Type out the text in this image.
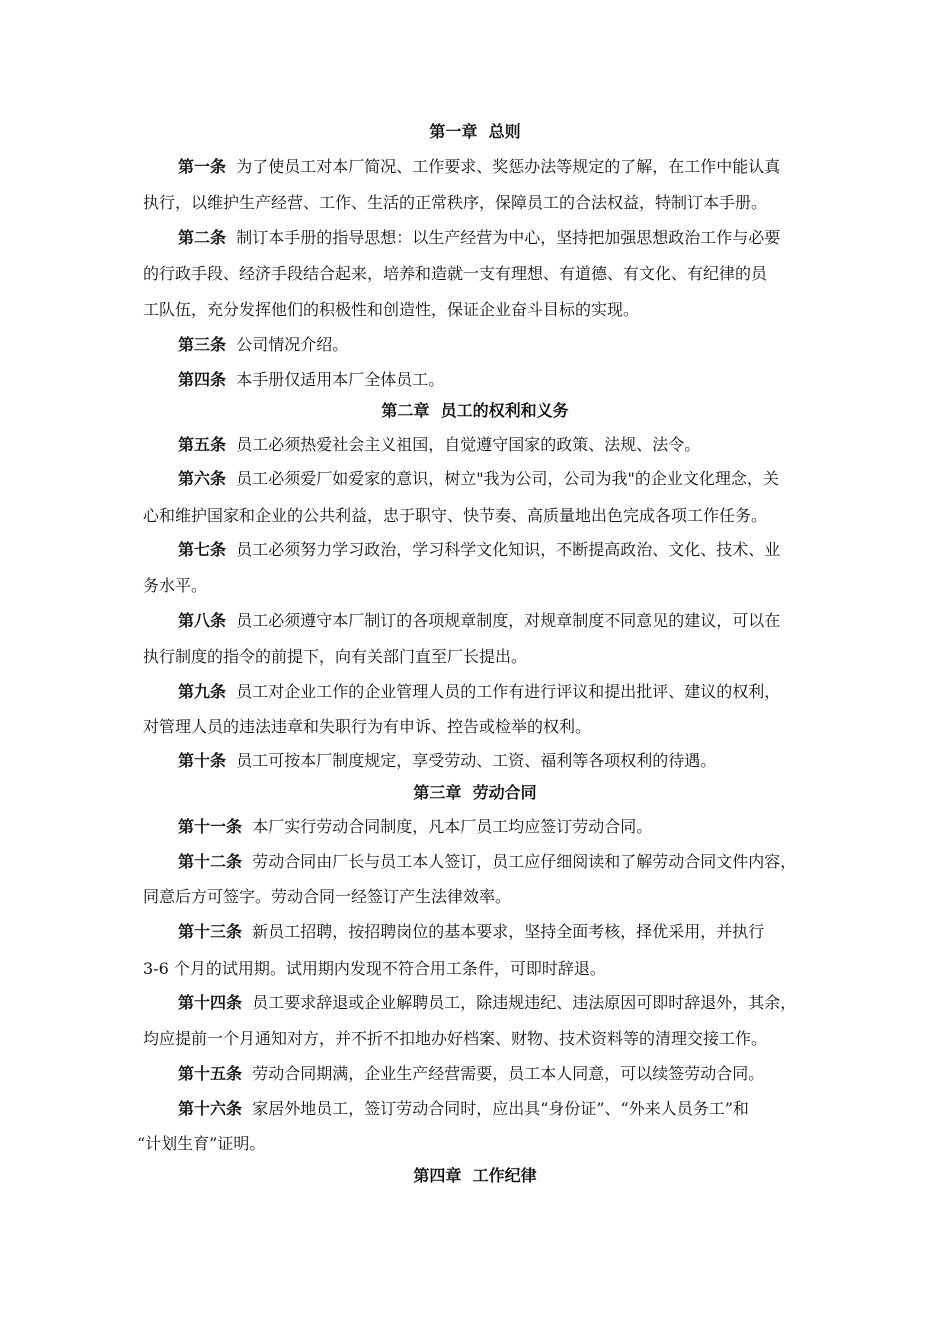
第一章  总则
第一条 为了使员工对本厂简况、工作要求、奖惩办法等规定的了解，在工作中能认真
执行，以维护生产经营、工作、生活的正常秩序，保障员工的合法权益，特制订本手册。
第二条 制订本手册的指导思想：以生产经营为中心，坚持把加强思想政治工作与必要
的行政手段、经济手段结合起来，培养和造就一支有理想、有道德、有文化、有纪律的员
工队伍，充分发挥他们的积极性和创造性，保证企业奋斗目标的实现。
第三条 公司情况介绍。
第四条 本手册仅适用本厂全体员工。
第二章  员工的权利和义务
第五条 员工必须热爱社会主义祖国，自觉遵守国家的政策、法规、法令。
第六条 员工必须爱厂如爱家的意识，树立"我为公司，公司为我"的企业文化理念，关
心和维护国家和企业的公共利益，忠于职守、快节奏、高质量地出色完成各项工作任务。
第七条 员工必须努力学习政治，学习科学文化知识，不断提高政治、文化、技术、业
务水平。
第八条 员工必须遵守本厂制订的各项规章制度，对规章制度不同意见的建议，可以在
执行制度的指令的前提下，向有关部门直至厂长提出。
第九条 员工对企业工作的企业管理人员的工作有进行评议和提出批评、建议的权利，
对管理人员的违法违章和失职行为有申诉、控告或检举的权利。
第十条 员工可按本厂制度规定，享受劳动、工资、福利等各项权利的待遇。
第三章  劳动合同
第十一条 本厂实行劳动合同制度，凡本厂员工均应签订劳动合同。
第十二条 劳动合同由厂长与员工本人签订，员工应仔细阅读和了解劳动合同文件内容，
同意后方可签字。劳动合同一经签订产生法律效率。
第十三条 新员工招聘，按招聘岗位的基本要求，坚持全面考核，择优采用，并执行
3-6 个月的试用期。试用期内发现不符合用工条件，可即时辞退。
第十四条 员工要求辞退或企业解聘员工，除违规违纪、违法原因可即时辞退外，其余，
均应提前一个月通知对方，并不折不扣地办好档案、财物、技术资料等的清理交接工作。
第十五条 劳动合同期满，企业生产经营需要，员工本人同意，可以续签劳动合同。
第十六条 家居外地员工，签订劳动合同时，应出具“身份证”、“外来人员务工”和
“计划生育”证明。
第四章  工作纪律
